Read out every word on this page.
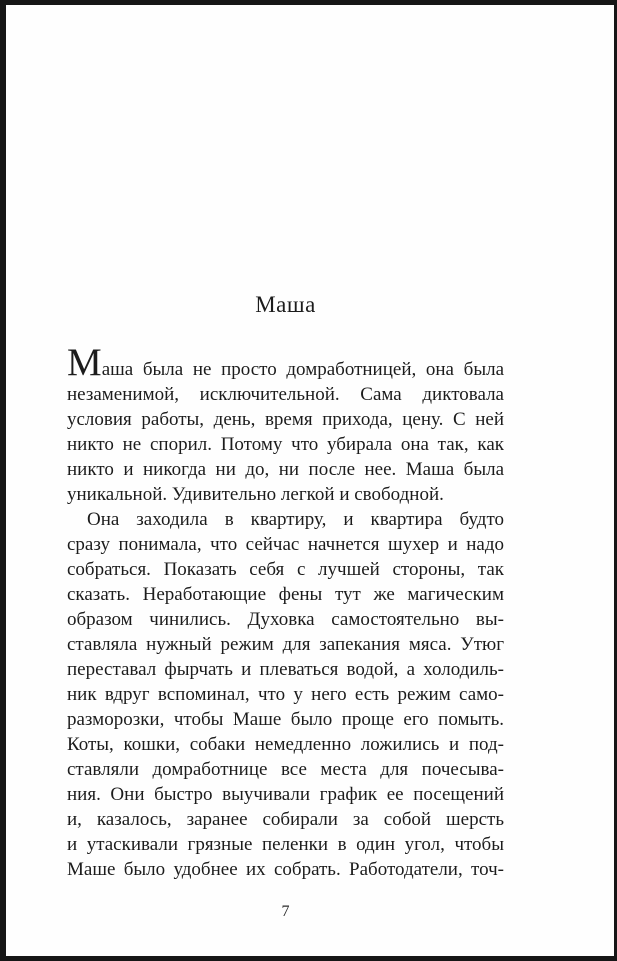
Маша
Маша была не просто домработницей, она была
незаменимой, исключительной. Сама диктовала
условия работы, день, время прихода, цену. С ней
никто не спорил. Потому что убирала она так, как
никто и никогда ни до, ни после нее. Маша была
уникальной. Удивительно легкой и свободной.
Она заходила в квартиру, и квартира будто
сразу понимала, что сейчас начнется шухер и надо
собраться. Показать себя с лучшей стороны, так
сказать. Неработающие фены тут же магическим
образом чинились. Духовка самостоятельно вы-
ставляла нужный режим для запекания мяса. Утюг
переставал фырчать и плеваться водой, а холодиль-
ник вдруг вспоминал, что у него есть режим само-
разморозки, чтобы Маше было проще его помыть.
Коты, кошки, собаки немедленно ложились и под-
ставляли домработнице все места для почесыва-
ния. Они быстро выучивали график ее посещений
и, казалось, заранее собирали за собой шерсть
и утаскивали грязные пеленки в один угол, чтобы
Маше было удобнее их собрать. Работодатели, точ-
7
